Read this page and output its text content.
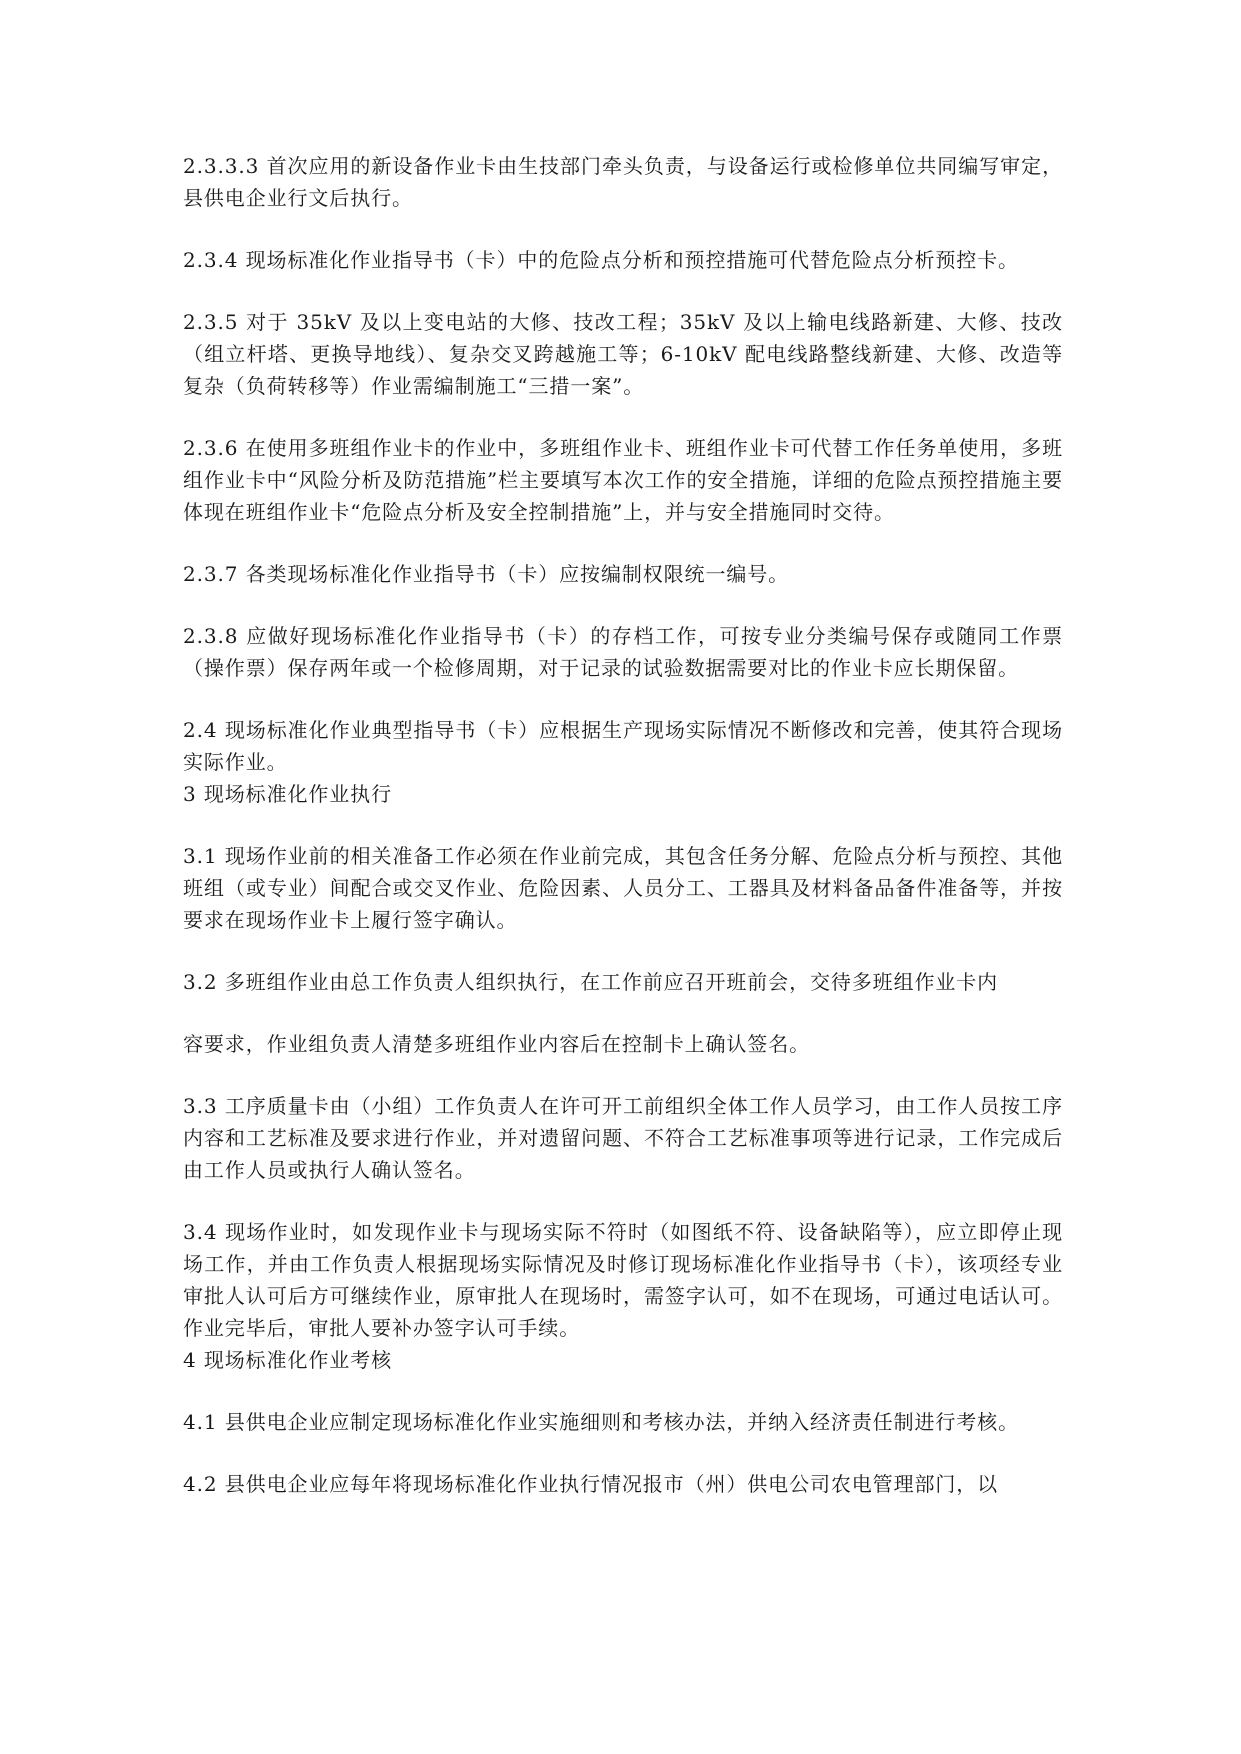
2.3.3.3 首次应用的新设备作业卡由生技部门牵头负责，与设备运行或检修单位共同编写审定，县供电企业行文后执行。

2.3.4 现场标准化作业指导书（卡）中的危险点分析和预控措施可代替危险点分析预控卡。

2.3.5 对于 35kV 及以上变电站的大修、技改工程；35kV 及以上输电线路新建、大修、技改（组立杆塔、更换导地线）、复杂交叉跨越施工等；6-10kV 配电线路整线新建、大修、改造等复杂（负荷转移等）作业需编制施工“三措一案”。

2.3.6 在使用多班组作业卡的作业中，多班组作业卡、班组作业卡可代替工作任务单使用，多班组作业卡中“风险分析及防范措施”栏主要填写本次工作的安全措施，详细的危险点预控措施主要体现在班组作业卡“危险点分析及安全控制措施”上，并与安全措施同时交待。

2.3.7 各类现场标准化作业指导书（卡）应按编制权限统一编号。

2.3.8 应做好现场标准化作业指导书（卡）的存档工作，可按专业分类编号保存或随同工作票（操作票）保存两年或一个检修周期，对于记录的试验数据需要对比的作业卡应长期保留。

2.4 现场标准化作业典型指导书（卡）应根据生产现场实际情况不断修改和完善，使其符合现场实际作业。

3 现场标准化作业执行

3.1 现场作业前的相关准备工作必须在作业前完成，其包含任务分解、危险点分析与预控、其他班组（或专业）间配合或交叉作业、危险因素、人员分工、工器具及材料备品备件准备等，并按要求在现场作业卡上履行签字确认。

3.2 多班组作业由总工作负责人组织执行，在工作前应召开班前会，交待多班组作业卡内

容要求，作业组负责人清楚多班组作业内容后在控制卡上确认签名。

3.3 工序质量卡由（小组）工作负责人在许可开工前组织全体工作人员学习，由工作人员按工序内容和工艺标准及要求进行作业，并对遗留问题、不符合工艺标准事项等进行记录，工作完成后由工作人员或执行人确认签名。

3.4 现场作业时，如发现作业卡与现场实际不符时（如图纸不符、设备缺陷等），应立即停止现场工作，并由工作负责人根据现场实际情况及时修订现场标准化作业指导书（卡），该项经专业审批人认可后方可继续作业，原审批人在现场时，需签字认可，如不在现场，可通过电话认可。作业完毕后，审批人要补办签字认可手续。

4 现场标准化作业考核

4.1 县供电企业应制定现场标准化作业实施细则和考核办法，并纳入经济责任制进行考核。

4.2 县供电企业应每年将现场标准化作业执行情况报市（州）供电公司农电管理部门，以
